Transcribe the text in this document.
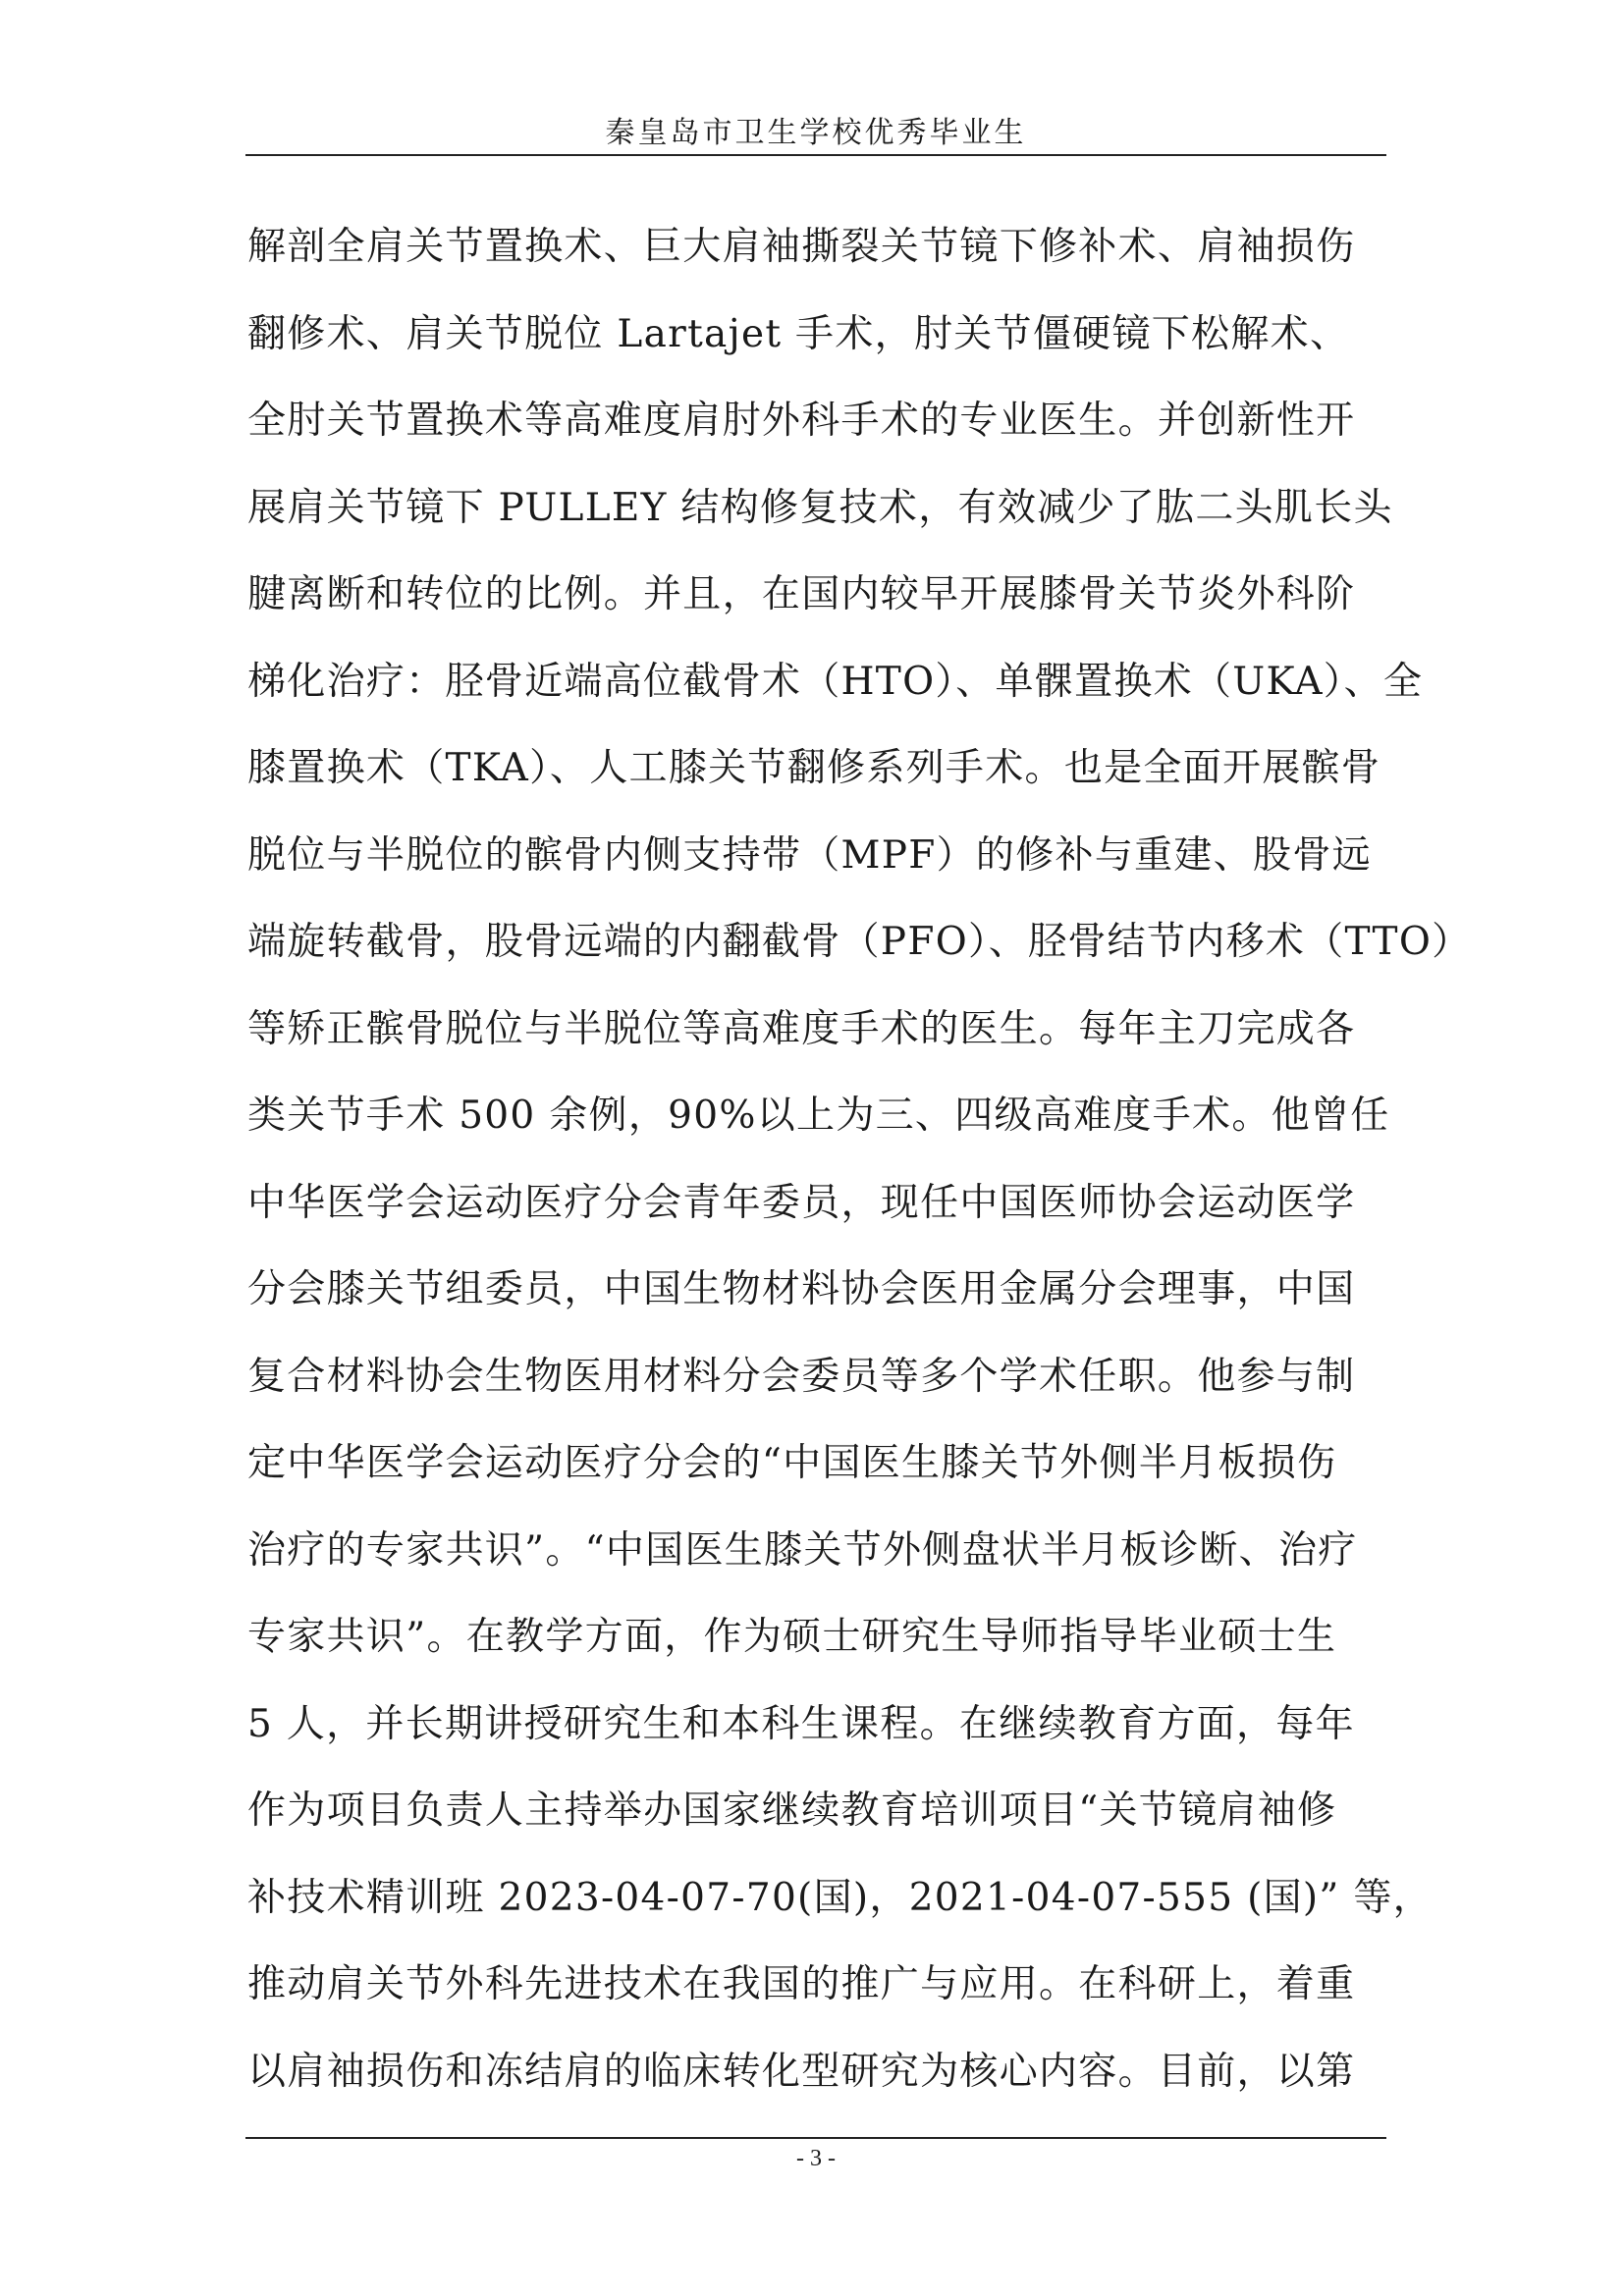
秦皇岛市卫生学校优秀毕业生
解剖全肩关节置换术、巨大肩袖撕裂关节镜下修补术、肩袖损伤
翻修术、肩关节脱位 Lartajet 手术，肘关节僵硬镜下松解术、
全肘关节置换术等高难度肩肘外科手术的专业医生。并创新性开
展肩关节镜下 PULLEY 结构修复技术，有效减少了肱二头肌长头
腱离断和转位的比例。并且，在国内较早开展膝骨关节炎外科阶
梯化治疗：胫骨近端高位截骨术（HTO）、单髁置换术（UKA）、全
膝置换术（TKA）、人工膝关节翻修系列手术。也是全面开展髌骨
脱位与半脱位的髌骨内侧支持带（MPF）的修补与重建、股骨远
端旋转截骨，股骨远端的内翻截骨（PFO）、胫骨结节内移术（TTO）
等矫正髌骨脱位与半脱位等高难度手术的医生。每年主刀完成各
类关节手术 500 余例，90%以上为三、四级高难度手术。他曾任
中华医学会运动医疗分会青年委员，现任中国医师协会运动医学
分会膝关节组委员，中国生物材料协会医用金属分会理事，中国
复合材料协会生物医用材料分会委员等多个学术任职。他参与制
定中华医学会运动医疗分会的“中国医生膝关节外侧半月板损伤
治疗的专家共识”。“中国医生膝关节外侧盘状半月板诊断、治疗
专家共识”。在教学方面，作为硕士研究生导师指导毕业硕士生
5 人，并长期讲授研究生和本科生课程。在继续教育方面，每年
作为项目负责人主持举办国家继续教育培训项目“关节镜肩袖修
补技术精训班 2023-04-07-70(国)，2021-04-07-555 (国)” 等，
推动肩关节外科先进技术在我国的推广与应用。在科研上，着重
以肩袖损伤和冻结肩的临床转化型研究为核心内容。目前，以第
- 3 -
